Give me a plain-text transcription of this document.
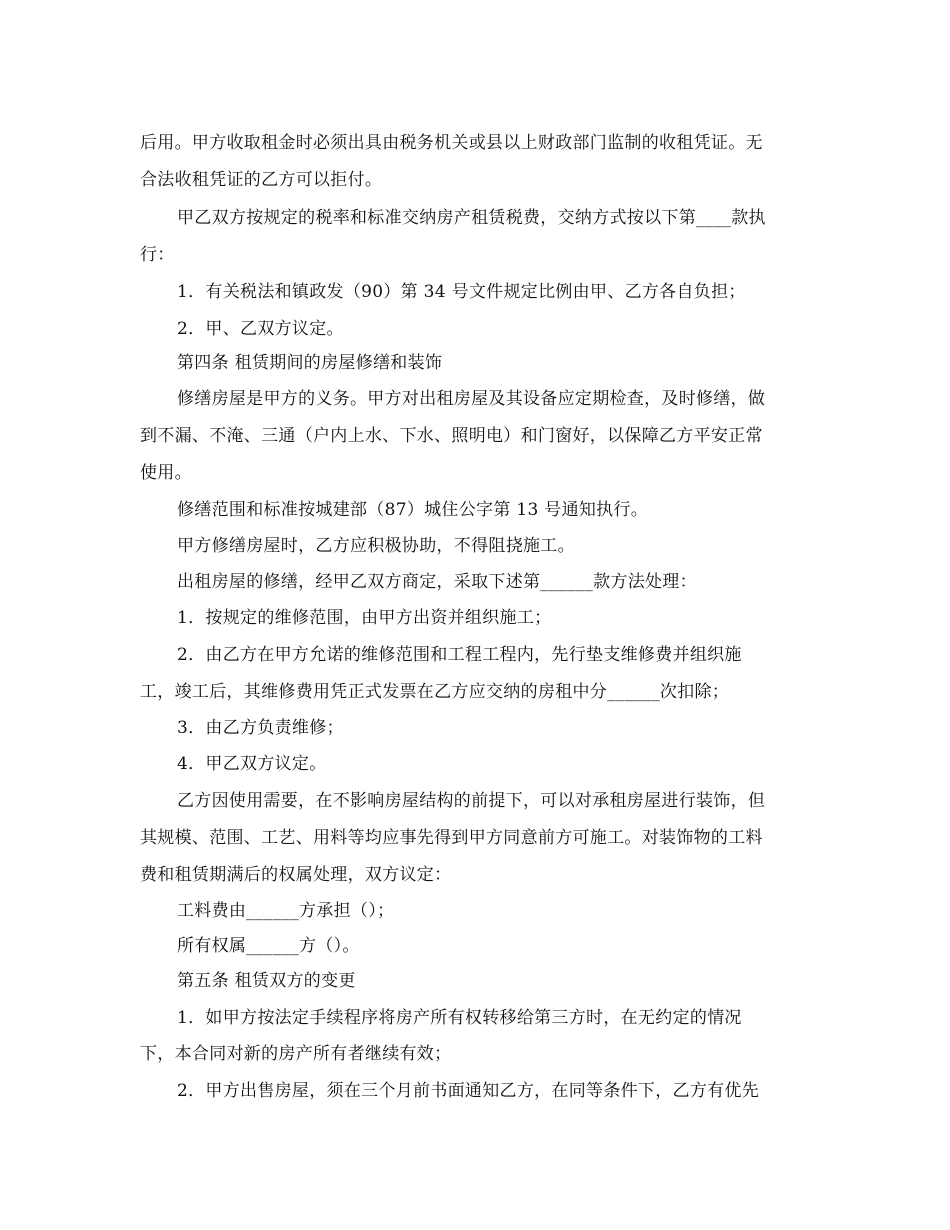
后用。甲方收取租金时必须出具由税务机关或县以上财政部门监制的收租凭证。无
合法收租凭证的乙方可以拒付。
甲乙双方按规定的税率和标准交纳房产租赁税费，交纳方式按以下第____款执
行：
1．有关税法和镇政发（90）第 34 号文件规定比例由甲、乙方各自负担；
2．甲、乙双方议定。
第四条 租赁期间的房屋修缮和装饰
修缮房屋是甲方的义务。甲方对出租房屋及其设备应定期检查，及时修缮，做
到不漏、不淹、三通（户内上水、下水、照明电）和门窗好，以保障乙方平安正常
使用。
修缮范围和标准按城建部（87）城住公字第 13 号通知执行。
甲方修缮房屋时，乙方应积极协助，不得阻挠施工。
出租房屋的修缮，经甲乙双方商定，采取下述第______款方法处理：
1．按规定的维修范围，由甲方出资并组织施工；
2．由乙方在甲方允诺的维修范围和工程工程内，先行垫支维修费并组织施
工，竣工后，其维修费用凭正式发票在乙方应交纳的房租中分______次扣除；
3．由乙方负责维修；
4．甲乙双方议定。
乙方因使用需要，在不影响房屋结构的前提下，可以对承租房屋进行装饰，但
其规模、范围、工艺、用料等均应事先得到甲方同意前方可施工。对装饰物的工料
费和租赁期满后的权属处理，双方议定：
工料费由______方承担（）；
所有权属______方（）。
第五条 租赁双方的变更
1．如甲方按法定手续程序将房产所有权转移给第三方时，在无约定的情况
下，本合同对新的房产所有者继续有效；
2．甲方出售房屋，须在三个月前书面通知乙方，在同等条件下，乙方有优先
